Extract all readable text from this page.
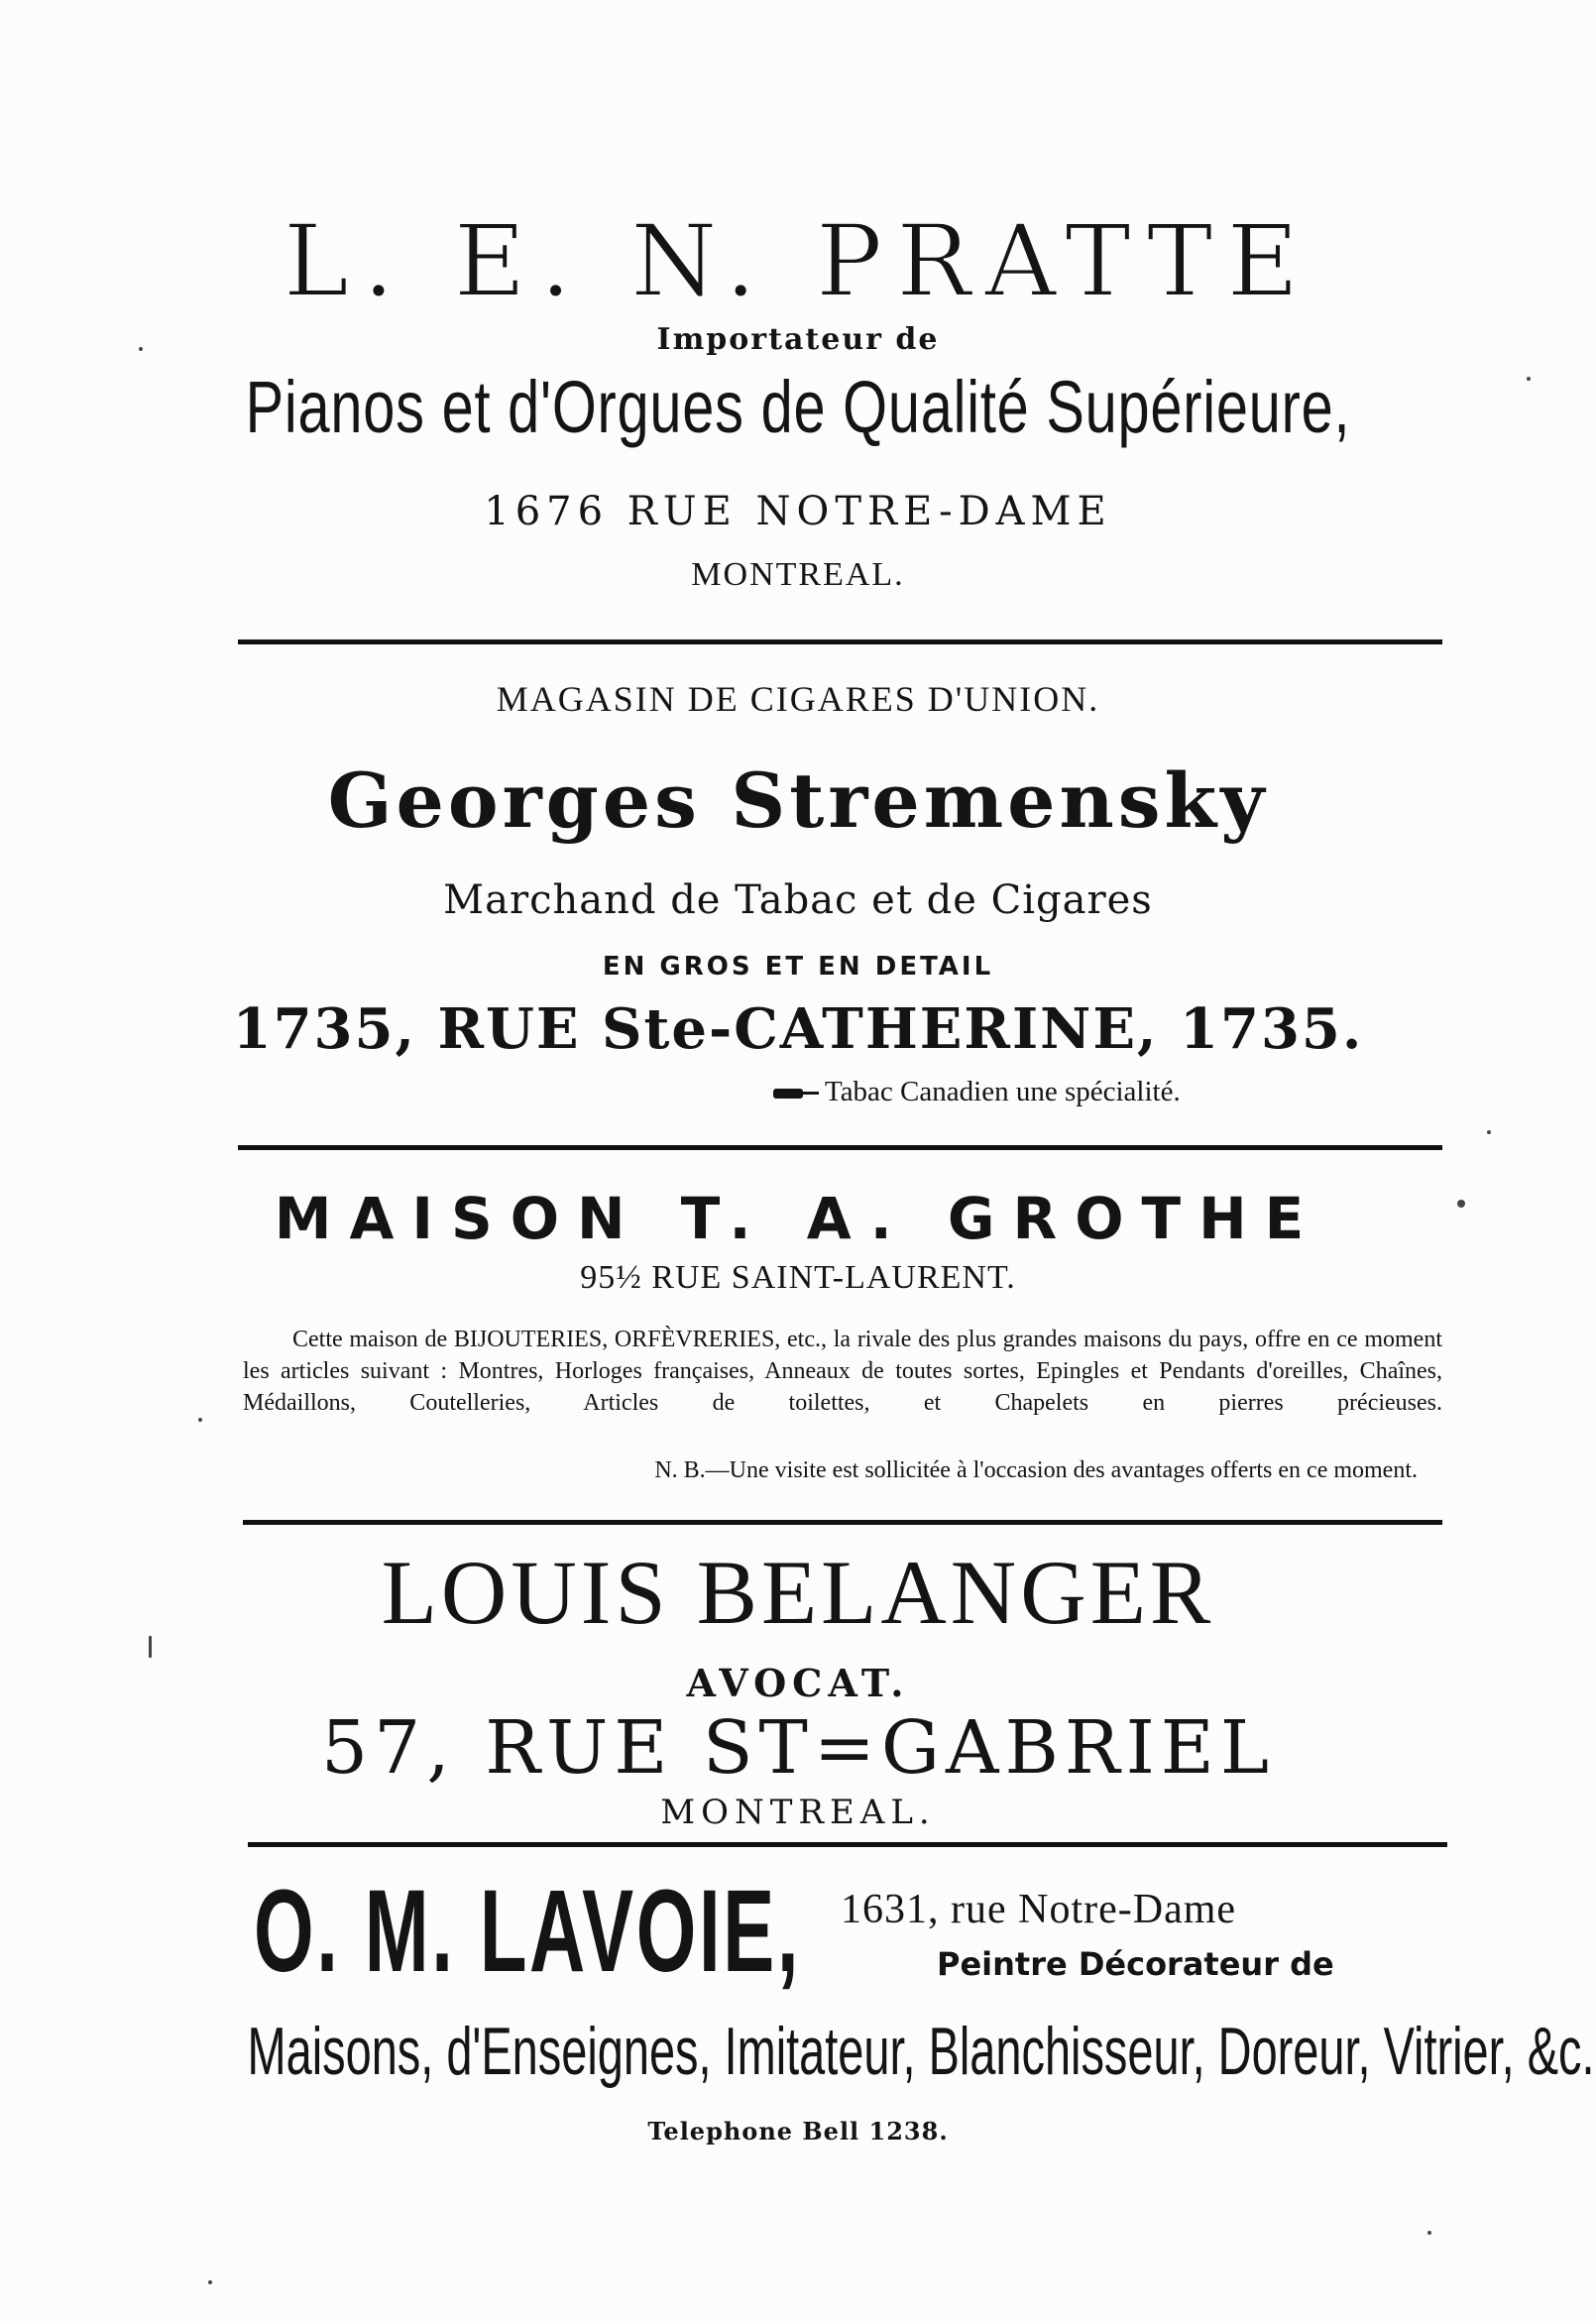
L. E. N. PRATTE
Importateur de
Pianos et d'Orgues de Qualité Supérieure,
1676 RUE NOTRE-DAME
MONTREAL.
MAGASIN DE CIGARES D'UNION.
Georges Stremensky
Marchand de Tabac et de Cigares
EN GROS ET EN DETAIL
1735, RUE Ste-CATHERINE, 1735.
Tabac Canadien une spécialité.
MAISON T. A. GROTHE
95½ RUE SAINT-LAURENT.

Cette maison de BIJOUTERIES, ORFÈVRERIES, etc., la rivale des plus grandes maisons du pays, offre en ce moment les articles suivant : Montres, Horloges françaises, Anneaux de toutes sortes, Epingles et Pendants d'oreilles, Chaînes, Médaillons, Coutelleries, Articles de toilettes, et Chapelets en pierres précieuses.

N. B.—Une visite est sollicitée à l'occasion des avantages offerts en ce moment.
LOUIS BELANGER
AVOCAT.
57, RUE ST=GABRIEL
MONTREAL.
O. M. LAVOIE, 1631, rue Notre-Dame
Peintre Décorateur de
Maisons, d'Enseignes, Imitateur, Blanchisseur, Doreur, Vitrier, &c.
Telephone Bell 1238.
